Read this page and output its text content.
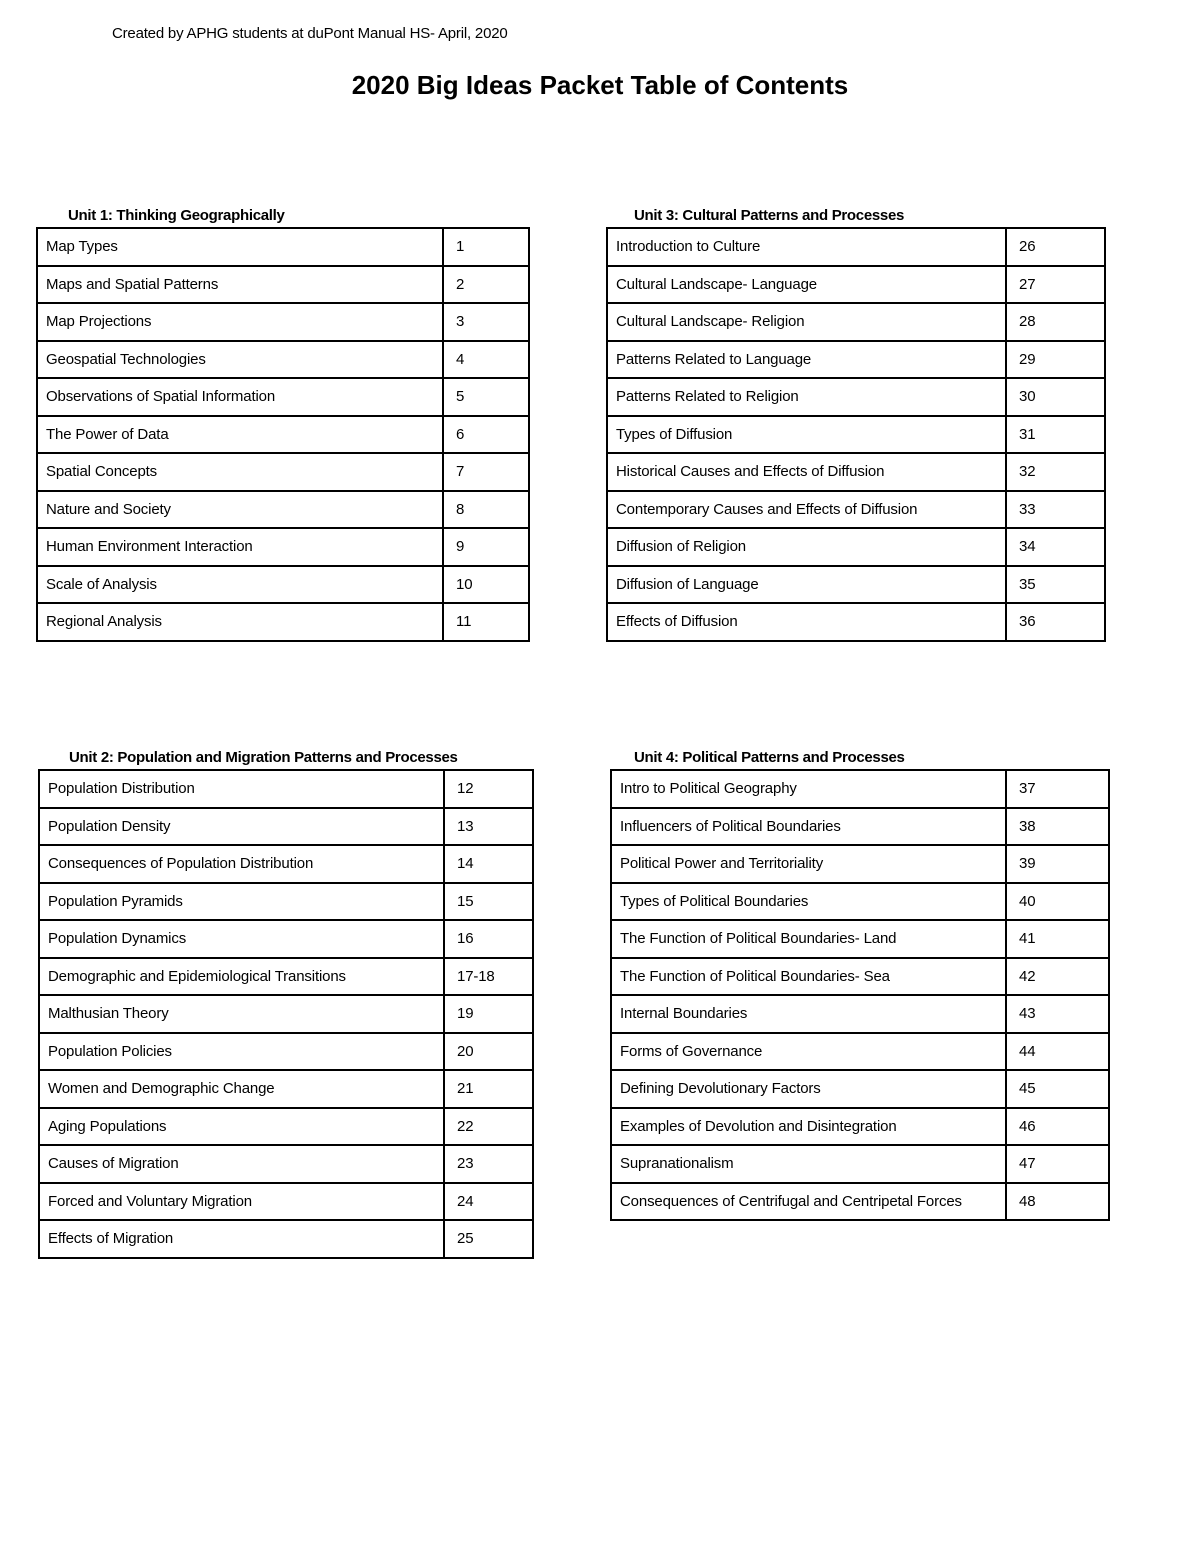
Created by APHG students at duPont Manual HS- April, 2020
2020 Big Ideas Packet Table of Contents
Unit 1: Thinking Geographically
Map Types	1
Maps and Spatial Patterns	2
Map Projections	3
Geospatial Technologies	4
Observations of Spatial Information	5
The Power of Data	6
Spatial Concepts	7
Nature and Society	8
Human Environment Interaction	9
Scale of Analysis	10
Regional Analysis	11
Unit 3: Cultural Patterns and Processes
Introduction to Culture	26
Cultural Landscape- Language	27
Cultural Landscape- Religion	28
Patterns Related to Language	29
Patterns Related to Religion	30
Types of Diffusion	31
Historical Causes and Effects of Diffusion	32
Contemporary Causes and Effects of Diffusion	33
Diffusion of Religion	34
Diffusion of Language	35
Effects of Diffusion	36
Unit 2: Population and Migration Patterns and Processes
Population Distribution	12
Population Density	13
Consequences of Population Distribution	14
Population Pyramids	15
Population Dynamics	16
Demographic and Epidemiological Transitions	17-18
Malthusian Theory	19
Population Policies	20
Women and Demographic Change	21
Aging Populations	22
Causes of Migration	23
Forced and Voluntary Migration	24
Effects of Migration	25
Unit 4: Political Patterns and Processes
Intro to Political Geography	37
Influencers of Political Boundaries	38
Political Power and Territoriality	39
Types of Political Boundaries	40
The Function of Political Boundaries- Land	41
The Function of Political Boundaries- Sea	42
Internal Boundaries	43
Forms of Governance	44
Defining Devolutionary Factors	45
Examples of Devolution and Disintegration	46
Supranationalism	47
Consequences of Centrifugal and Centripetal Forces	48
